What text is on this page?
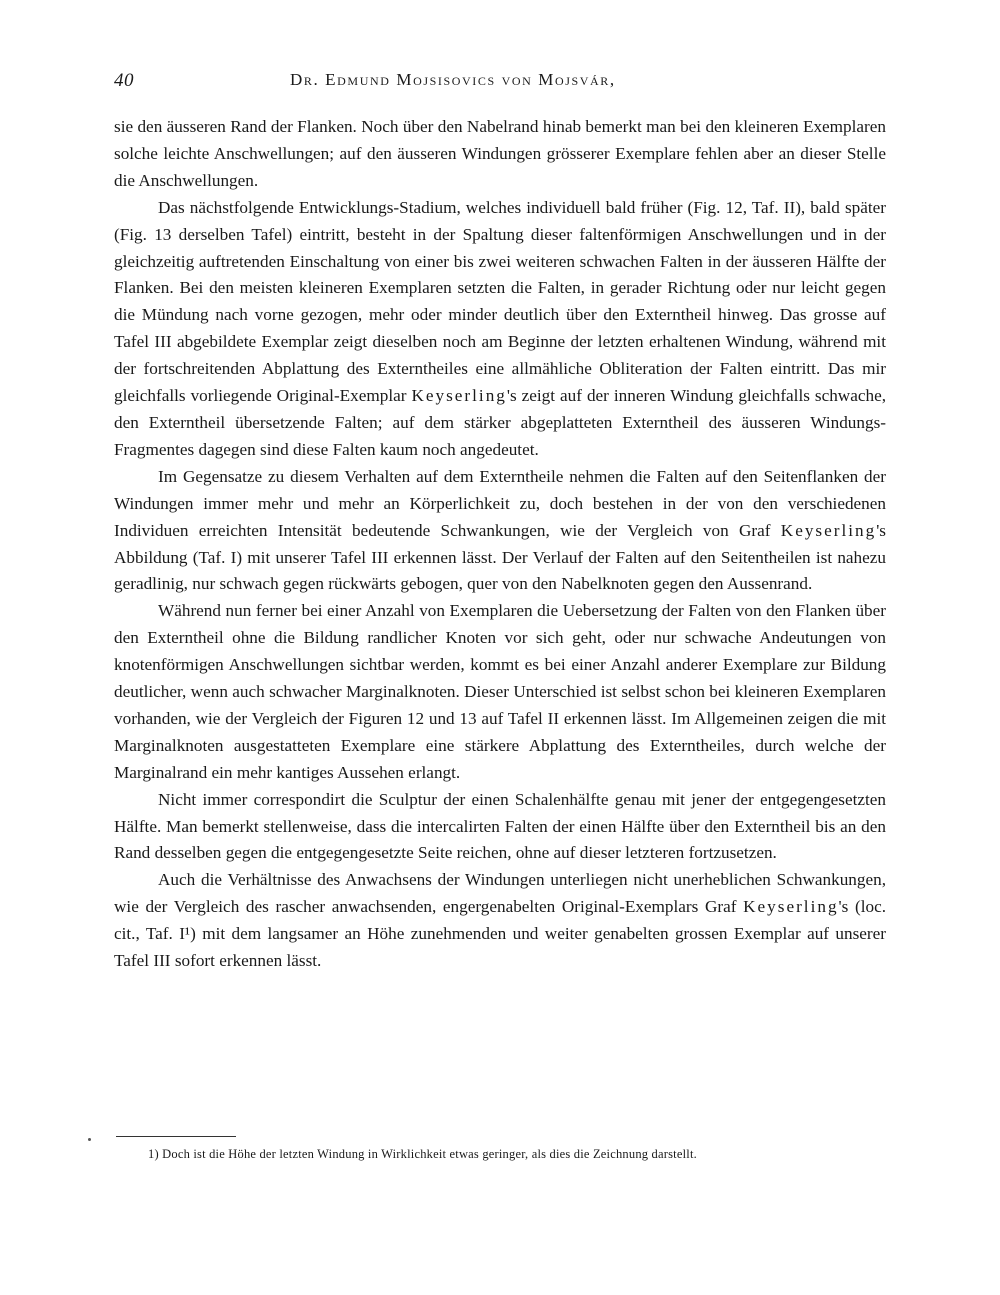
40	Dr. Edmund Mojsisovics von Mojsvár,

sie den äusseren Rand der Flanken. Noch über den Nabelrand hinab bemerkt man bei den kleineren Exemplaren solche leichte Anschwellungen; auf den äusseren Windungen grösserer Exemplare fehlen aber an dieser Stelle die Anschwellungen.

Das nächstfolgende Entwicklungs-Stadium, welches individuell bald früher (Fig. 12, Taf. II), bald später (Fig. 13 derselben Tafel) eintritt, besteht in der Spaltung dieser faltenförmigen Anschwellungen und in der gleichzeitig auftretenden Einschaltung von einer bis zwei weiteren schwachen Falten in der äusseren Hälfte der Flanken. Bei den meisten kleineren Exemplaren setzten die Falten, in gerader Richtung oder nur leicht gegen die Mündung nach vorne gezogen, mehr oder minder deutlich über den Externtheil hinweg. Das grosse auf Tafel III abgebildete Exemplar zeigt dieselben noch am Beginne der letzten erhaltenen Windung, während mit der fortschreitenden Abplattung des Externtheiles eine allmähliche Obliteration der Falten eintritt. Das mir gleichfalls vorliegende Original-Exemplar Keyserling's zeigt auf der inneren Windung gleichfalls schwache, den Externtheil übersetzende Falten; auf dem stärker abgeplatteten Externtheil des äusseren Windungs-Fragmentes dagegen sind diese Falten kaum noch angedeutet.

Im Gegensatze zu diesem Verhalten auf dem Externtheile nehmen die Falten auf den Seitenflanken der Windungen immer mehr und mehr an Körperlichkeit zu, doch bestehen in der von den verschiedenen Individuen erreichten Intensität bedeutende Schwankungen, wie der Vergleich von Graf Keyserling's Abbildung (Taf. I) mit unserer Tafel III erkennen lässt. Der Verlauf der Falten auf den Seitentheilen ist nahezu geradlinig, nur schwach gegen rückwärts gebogen, quer von den Nabelknoten gegen den Aussenrand.

Während nun ferner bei einer Anzahl von Exemplaren die Uebersetzung der Falten von den Flanken über den Externtheil ohne die Bildung randlicher Knoten vor sich geht, oder nur schwache Andeutungen von knotenförmigen Anschwellungen sichtbar werden, kommt es bei einer Anzahl anderer Exemplare zur Bildung deutlicher, wenn auch schwacher Marginalknoten. Dieser Unterschied ist selbst schon bei kleineren Exemplaren vorhanden, wie der Vergleich der Figuren 12 und 13 auf Tafel II erkennen lässt. Im Allgemeinen zeigen die mit Marginalknoten ausgestatteten Exemplare eine stärkere Abplattung des Externtheiles, durch welche der Marginalrand ein mehr kantiges Aussehen erlangt.

Nicht immer correspondirt die Sculptur der einen Schalenhälfte genau mit jener der entgegengesetzten Hälfte. Man bemerkt stellenweise, dass die intercalirten Falten der einen Hälfte über den Externtheil bis an den Rand desselben gegen die entgegengesetzte Seite reichen, ohne auf dieser letzteren fortzusetzen.

Auch die Verhältnisse des Anwachsens der Windungen unterliegen nicht unerheblichen Schwankungen, wie der Vergleich des rascher anwachsenden, engergenabelten Original-Exemplars Graf Keyserling's (loc. cit., Taf. I¹) mit dem langsamer an Höhe zunehmenden und weiter genabelten grossen Exemplar auf unserer Tafel III sofort erkennen lässt.

1) Doch ist die Höhe der letzten Windung in Wirklichkeit etwas geringer, als dies die Zeichnung darstellt.
